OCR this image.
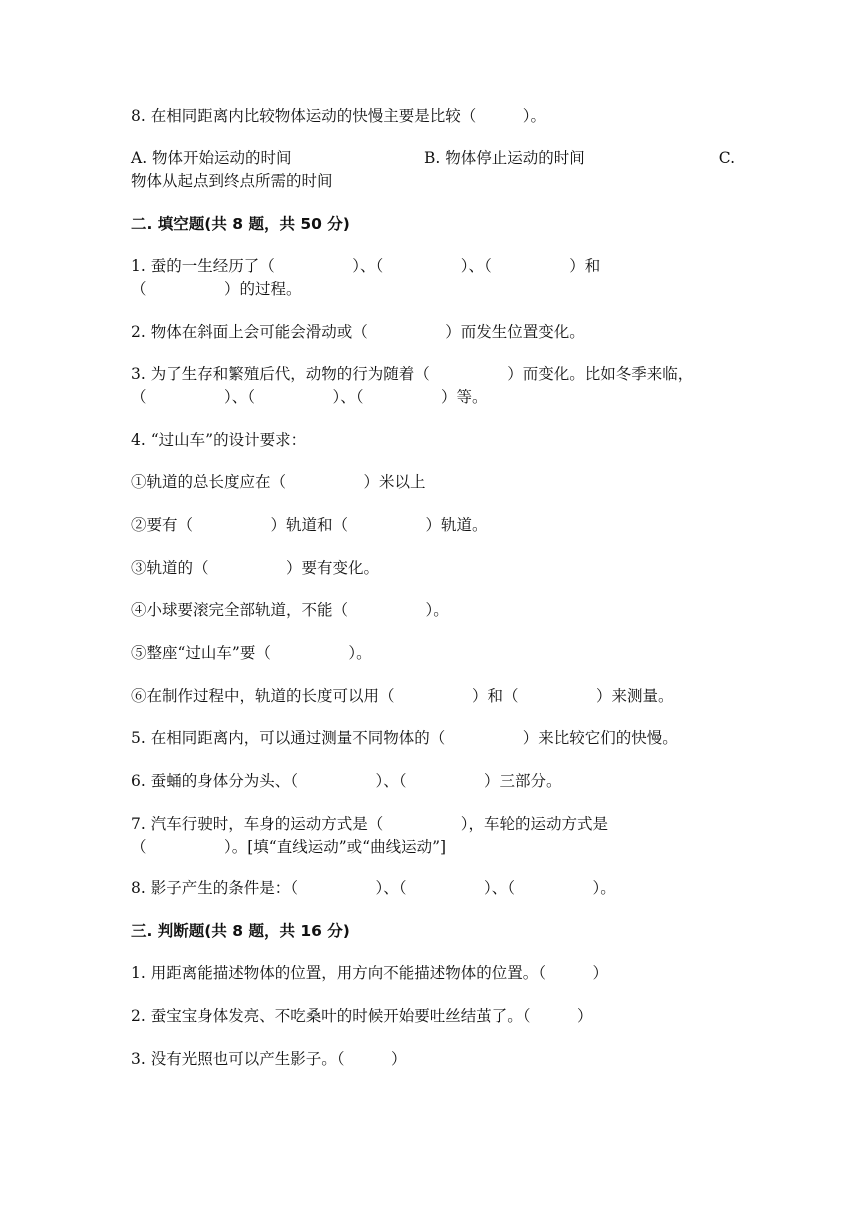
8. 在相同距离内比较物体运动的快慢主要是比较（　　　）。
A. 物体开始运动的时间	B. 物体停止运动的时间	C.
物体从起点到终点所需的时间
二. 填空题(共 8 题，共 50 分)
1. 蚕的一生经历了（　　　　　）、（　　　　　）、（　　　　　）和
（　　　　　）的过程。
2. 物体在斜面上会可能会滑动或（　　　　　）而发生位置变化。
3. 为了生存和繁殖后代，动物的行为随着（　　　　　）而变化。比如冬季来临，
（　　　　　）、（　　　　　）、（　　　　　）等。
4. “过山车”的设计要求：
①轨道的总长度应在（　　　　　）米以上
②要有（　　　　　）轨道和（　　　　　）轨道。
③轨道的（　　　　　）要有变化。
④小球要滚完全部轨道，不能（　　　　　）。
⑤整座“过山车”要（　　　　　）。
⑥在制作过程中，轨道的长度可以用（　　　　　）和（　　　　　）来测量。
5. 在相同距离内，可以通过测量不同物体的（　　　　　）来比较它们的快慢。
6. 蚕蛹的身体分为头、（　　　　　）、（　　　　　）三部分。
7. 汽车行驶时，车身的运动方式是（　　　　　），车轮的运动方式是
（　　　　　）。[填“直线运动”或“曲线运动”]
8. 影子产生的条件是：（　　　　　）、（　　　　　）、（　　　　　）。
三. 判断题(共 8 题，共 16 分)
1. 用距离能描述物体的位置，用方向不能描述物体的位置。（　　　）
2. 蚕宝宝身体发亮、不吃桑叶的时候开始要吐丝结茧了。（　　　）
3. 没有光照也可以产生影子。（　　　）
